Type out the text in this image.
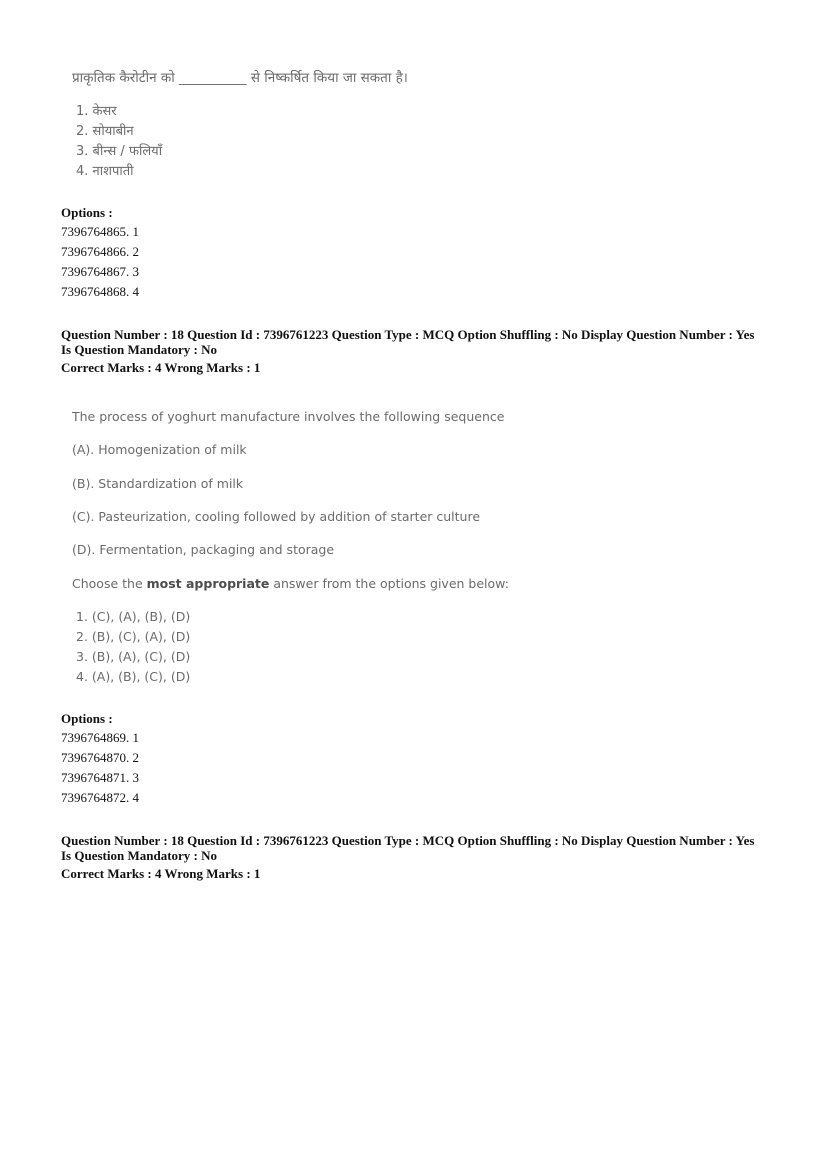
प्राकृतिक कैरोटीन को __________ से निष्कर्षित किया जा सकता है।
1. केसर
2. सोयाबीन
3. बीन्स / फलियाँ
4. नाशपाती
Options :
7396764865. 1
7396764866. 2
7396764867. 3
7396764868. 4
Question Number : 18 Question Id : 7396761223 Question Type : MCQ Option Shuffling : No Display Question Number : Yes
Is Question Mandatory : No
Correct Marks : 4 Wrong Marks : 1
The process of yoghurt manufacture involves the following sequence
(A). Homogenization of milk
(B). Standardization of milk
(C). Pasteurization, cooling followed by addition of starter culture
(D). Fermentation, packaging and storage
Choose the most appropriate answer from the options given below:
1. (C), (A), (B), (D)
2. (B), (C), (A), (D)
3. (B), (A), (C), (D)
4. (A), (B), (C), (D)
Options :
7396764869. 1
7396764870. 2
7396764871. 3
7396764872. 4
Question Number : 18 Question Id : 7396761223 Question Type : MCQ Option Shuffling : No Display Question Number : Yes
Is Question Mandatory : No
Correct Marks : 4 Wrong Marks : 1
